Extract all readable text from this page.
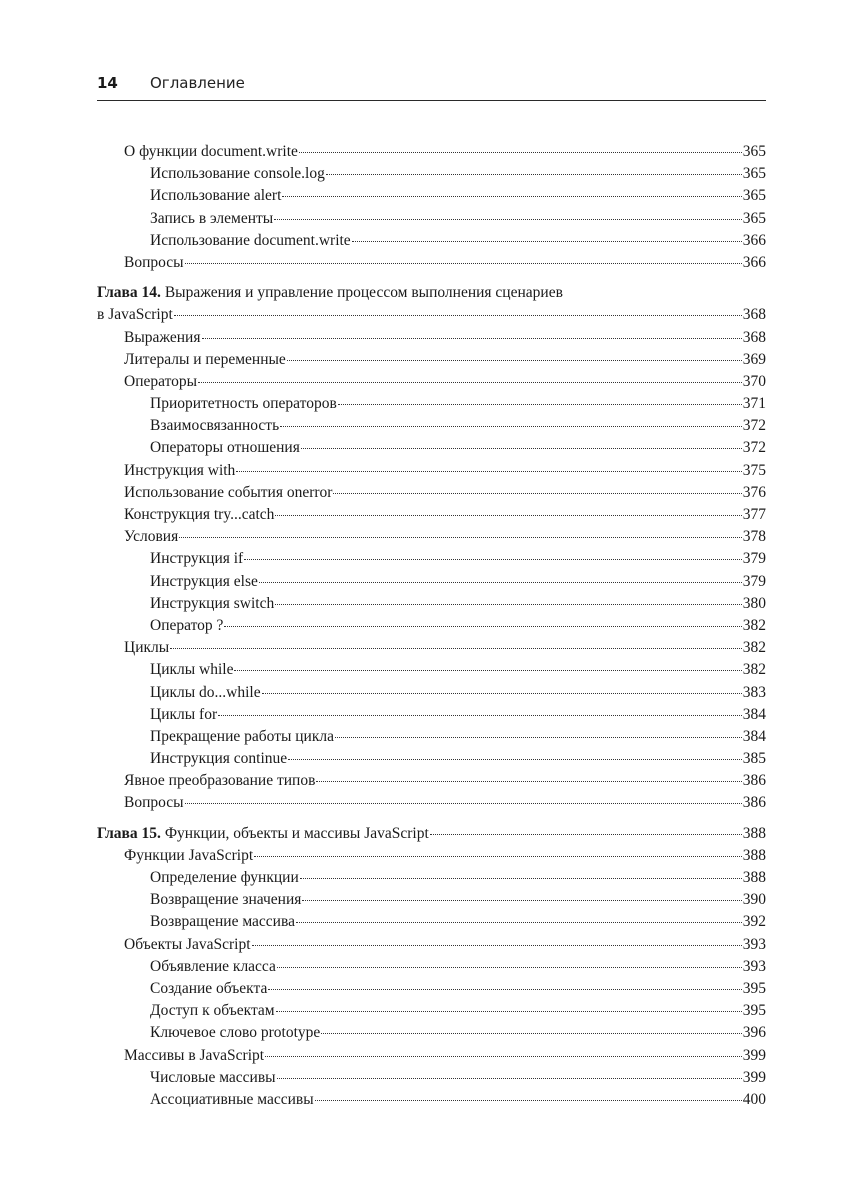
14 Оглавление
О функции document.write	365
Использование console.log	365
Использование alert	365
Запись в элементы	365
Использование document.write	366
Вопросы	366
Глава 14. Выражения и управление процессом выполнения сценариев
в JavaScript	368
Выражения	368
Литералы и переменные	369
Операторы	370
Приоритетность операторов	371
Взаимосвязанность	372
Операторы отношения	372
Инструкция with	375
Использование события onerror	376
Конструкция try...catch	377
Условия	378
Инструкция if	379
Инструкция else	379
Инструкция switch	380
Оператор ?	382
Циклы	382
Циклы while	382
Циклы do...while	383
Циклы for	384
Прекращение работы цикла	384
Инструкция continue	385
Явное преобразование типов	386
Вопросы	386
Глава 15. Функции, объекты и массивы JavaScript	388
Функции JavaScript	388
Определение функции	388
Возвращение значения	390
Возвращение массива	392
Объекты JavaScript	393
Объявление класса	393
Создание объекта	395
Доступ к объектам	395
Ключевое слово prototype	396
Массивы в JavaScript	399
Числовые массивы	399
Ассоциативные массивы	400
